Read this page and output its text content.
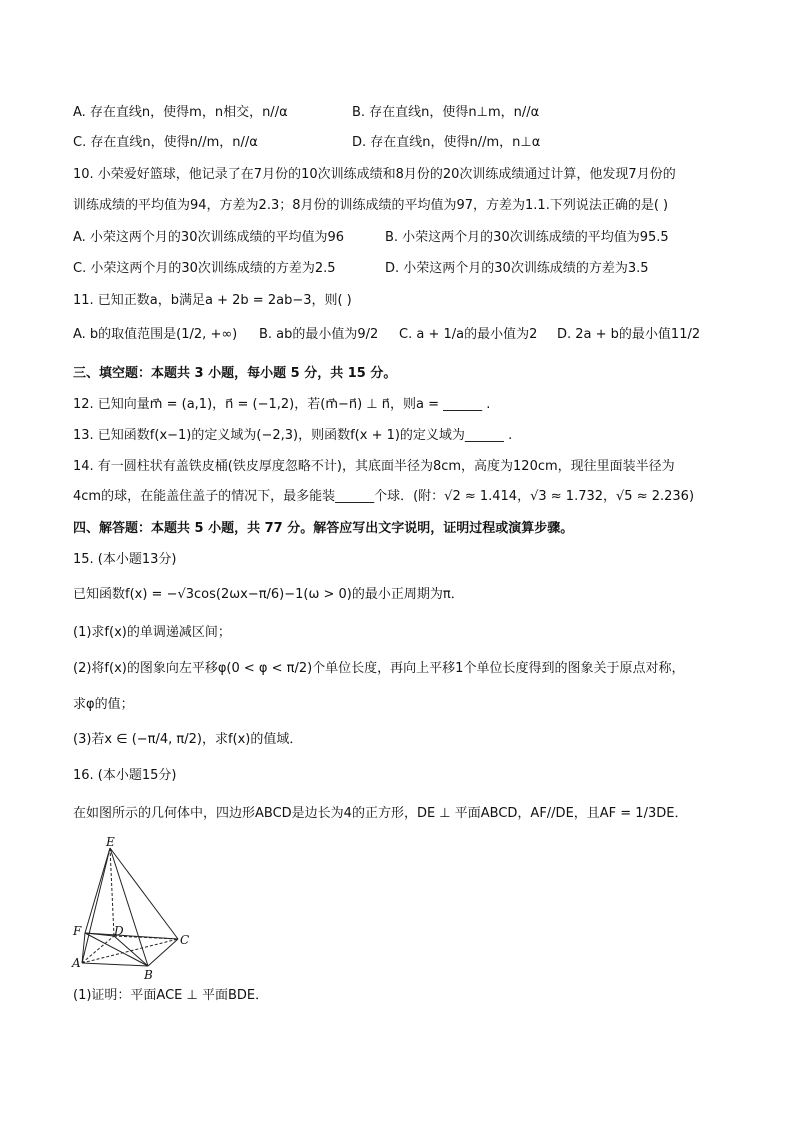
A. 存在直线n，使得m，n相交，n//α	B. 存在直线n，使得n⊥m，n//α
C. 存在直线n，使得n//m，n//α	D. 存在直线n，使得n//m，n⊥α
10. 小荣爱好篮球，他记录了在7月份的10次训练成绩和8月份的20次训练成绩通过计算，他发现7月份的
训练成绩的平均值为94，方差为2.3；8月份的训练成绩的平均值为97，方差为1.1.下列说法正确的是( )
A. 小荣这两个月的30次训练成绩的平均值为96	B. 小荣这两个月的30次训练成绩的平均值为95.5
C. 小荣这两个月的30次训练成绩的方差为2.5	D. 小荣这两个月的30次训练成绩的方差为3.5
11. 已知正数a，b满足a + 2b = 2ab−3，则( )
A. b的取值范围是(1/2, +∞) B. ab的最小值为9/2 C. a + 1/a的最小值为2 D. 2a + b的最小值11/2
三、填空题：本题共 3 小题，每小题 5 分，共 15 分。
12. 已知向量m⃗ = (a,1)，n⃗ = (−1,2)，若(m⃗−n⃗) ⊥ n⃗，则a = ______ .
13. 已知函数f(x−1)的定义域为(−2,3)，则函数f(x + 1)的定义域为______ .
14. 有一圆柱状有盖铁皮桶(铁皮厚度忽略不计)，其底面半径为8cm，高度为120cm，现往里面装半径为
4cm的球，在能盖住盖子的情况下，最多能装______个球．(附：√2 ≈ 1.414，√3 ≈ 1.732，√5 ≈ 2.236)
四、解答题：本题共 5 小题，共 77 分。解答应写出文字说明，证明过程或演算步骤。
15. (本小题13分)
已知函数f(x) = −√3cos(2ωx−π/6)−1(ω > 0)的最小正周期为π．
(1)求f(x)的单调递减区间；
(2)将f(x)的图象向左平移φ(0 < φ < π/2)个单位长度，再向上平移1个单位长度得到的图象关于原点对称，
求φ的值；
(3)若x ∈ (−π/4, π/2)，求f(x)的值域．
16. (本小题15分)
在如图所示的几何体中，四边形ABCD是边长为4的正方形，DE ⊥ 平面ABCD，AF//DE，且AF = 1/3DE．
E
F	D
C
A
B
(1)证明：平面ACE ⊥ 平面BDE．
